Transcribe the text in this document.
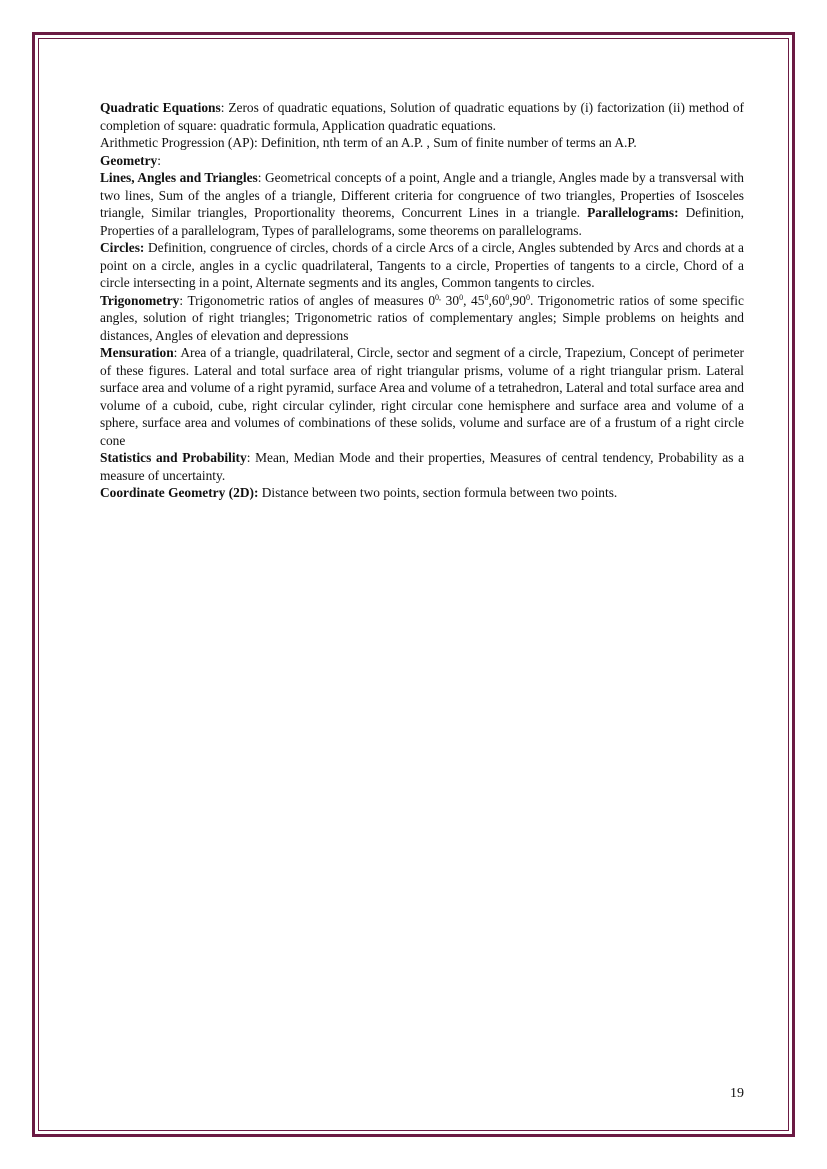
Quadratic Equations: Zeros of quadratic equations, Solution of quadratic equations by (i) factorization (ii) method of completion of square: quadratic formula, Application quadratic equations.

Arithmetic Progression (AP): Definition, nth term of an A.P. , Sum of finite number of terms an A.P.

Geometry:

Lines, Angles and Triangles: Geometrical concepts of a point, Angle and a triangle, Angles made by a transversal with two lines, Sum of the angles of a triangle, Different criteria for congruence of two triangles, Properties of Isosceles triangle, Similar triangles, Proportionality theorems, Concurrent Lines in a triangle. Parallelograms: Definition, Properties of a parallelogram, Types of parallelograms, some theorems on parallelograms.

Circles: Definition, congruence of circles, chords of a circle Arcs of a circle, Angles subtended by Arcs and chords at a point on a circle, angles in a cyclic quadrilateral, Tangents to a circle, Properties of tangents to a circle, Chord of a circle intersecting in a point, Alternate segments and its angles, Common tangents to circles.

Trigonometry: Trigonometric ratios of angles of measures $0^{0,}$ $30^0$, $45^0,60^0,90^0$. Trigonometric ratios of some specific angles, solution of right triangles; Trigonometric ratios of complementary angles; Simple problems on heights and distances, Angles of elevation and depressions

Mensuration: Area of a triangle, quadrilateral, Circle, sector and segment of a circle, Trapezium, Concept of perimeter of these figures. Lateral and total surface area of right triangular prisms, volume of a right triangular prism. Lateral surface area and volume of a right pyramid, surface Area and volume of a tetrahedron, Lateral and total surface area and volume of a cuboid, cube, right circular cylinder, right circular cone hemisphere and surface area and volume of a sphere, surface area and volumes of combinations of these solids, volume and surface are of a frustum of a right circle cone

Statistics and Probability: Mean, Median Mode and their properties, Measures of central tendency, Probability as a measure of uncertainty.

Coordinate Geometry (2D): Distance between two points, section formula between two points.

19
